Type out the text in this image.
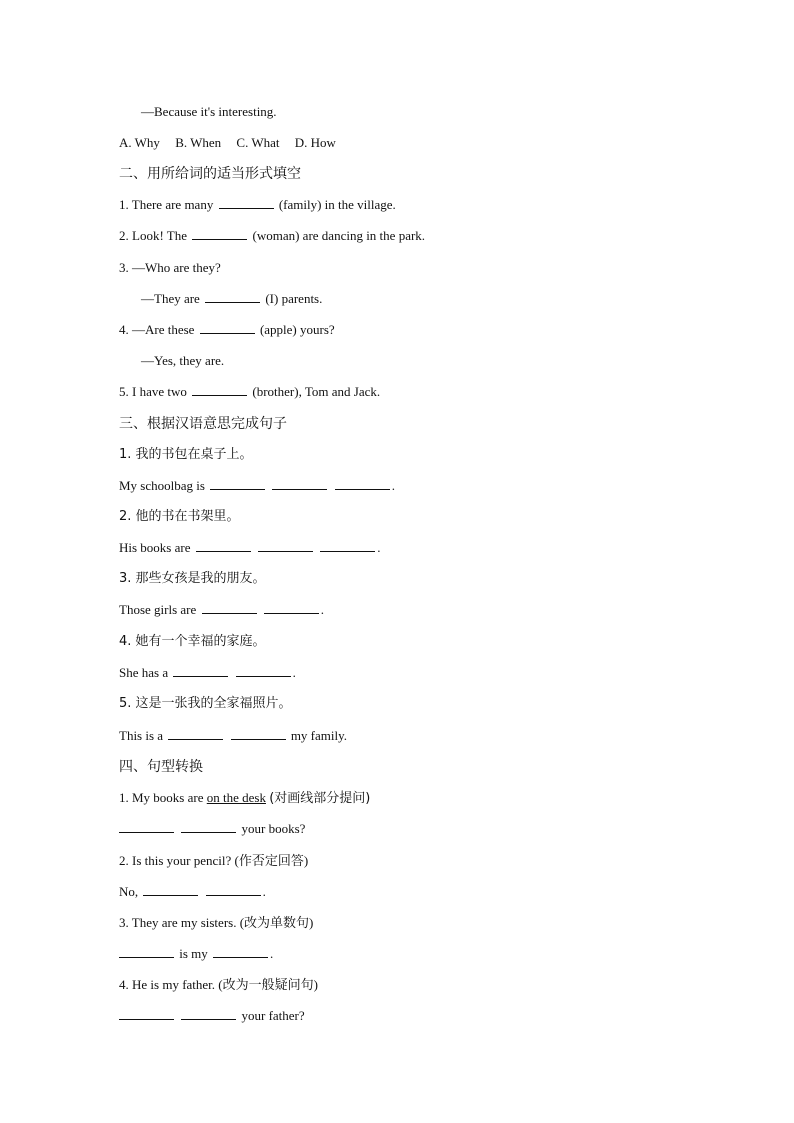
—Because it's interesting.
A. Why B. When C. What D. How
二、用所给词的适当形式填空
1. There are many	(family) in the village.
2. Look! The	(woman) are dancing in the park.
3. —Who are they?
—They are	(I) parents.
4. —Are these	(apple) yours?
—Yes, they are.
5. I have two	(brother), Tom and Jack.
三、根据汉语意思完成句子
1. 我的书包在桌子上。
My schoolbag is	.
2. 他的书在书架里。
His books are	.
3. 那些女孩是我的朋友。
Those girls are	.
4. 她有一个幸福的家庭。
She has a	.
5. 这是一张我的全家福照片。
This is a	my family.
四、句型转换
1. My books are on the desk (对画线部分提问)
your books?
2. Is this your pencil? (作否定回答)
No,	.
3. They are my sisters. (改为单数句)
is my	.
4. He is my father. (改为一般疑问句)
your father?
